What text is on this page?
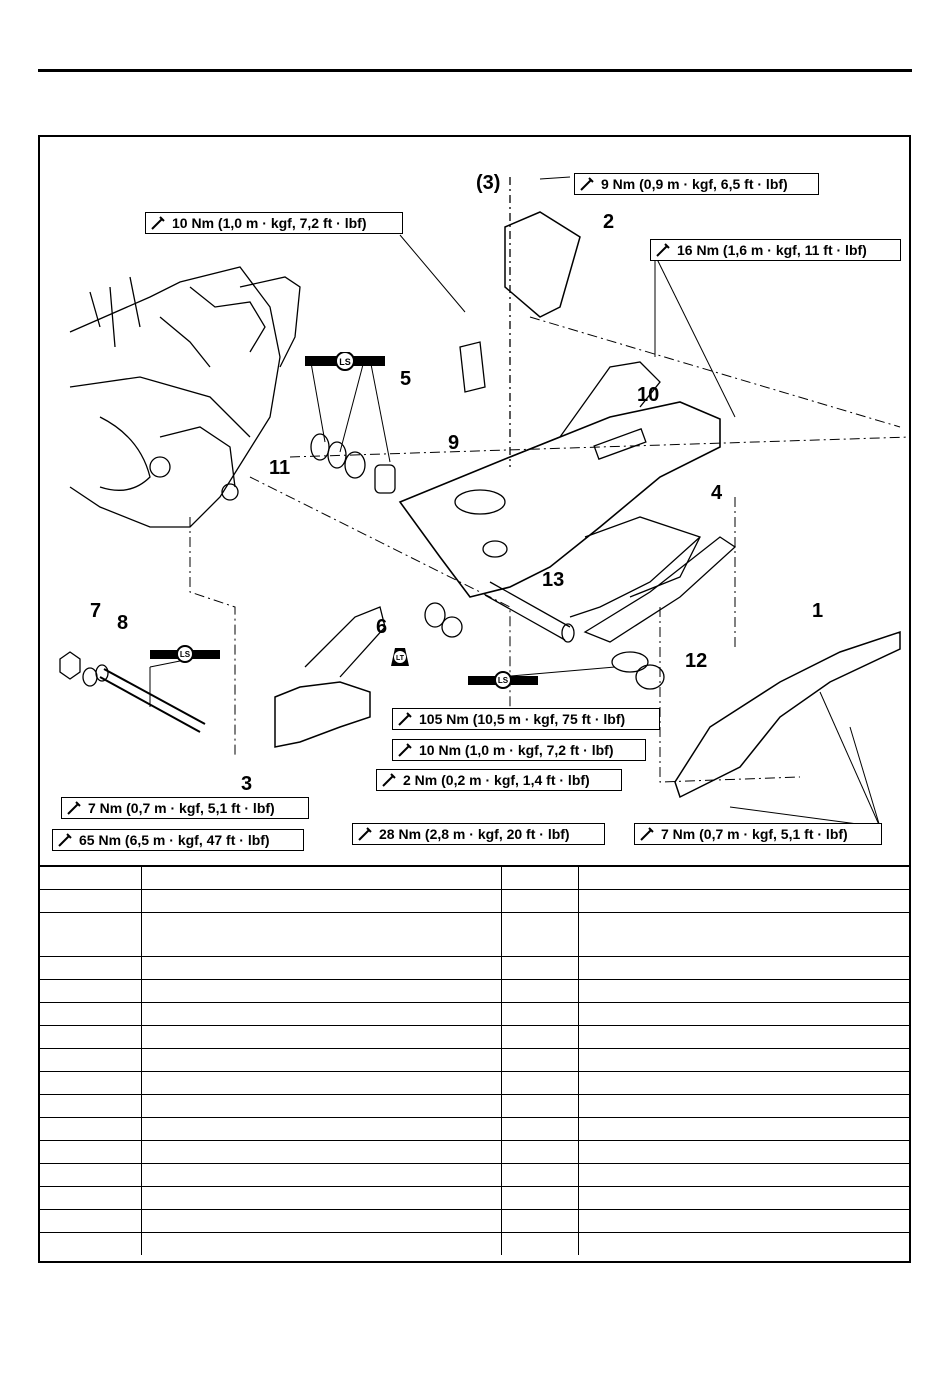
LS
LS
LS
LT
9 Nm (0,9 m · kgf, 6,5 ft · lbf)
10 Nm (1,0 m · kgf, 7,2 ft · lbf)
16 Nm (1,6 m · kgf, 11 ft · lbf)
105 Nm (10,5 m · kgf, 75 ft · lbf)
10 Nm (1,0 m · kgf, 7,2 ft · lbf)
2 Nm (0,2 m · kgf, 1,4 ft · lbf)
7 Nm (0,7 m · kgf, 5,1 ft · lbf)
65 Nm (6,5 m · kgf, 47 ft · lbf)	28 Nm (2,8 m · kgf, 20 ft · lbf)	7 Nm (0,7 m · kgf, 5,1 ft · lbf)
(3)
2
5
10
9
11
4
13
7
8	6
1
12
3
